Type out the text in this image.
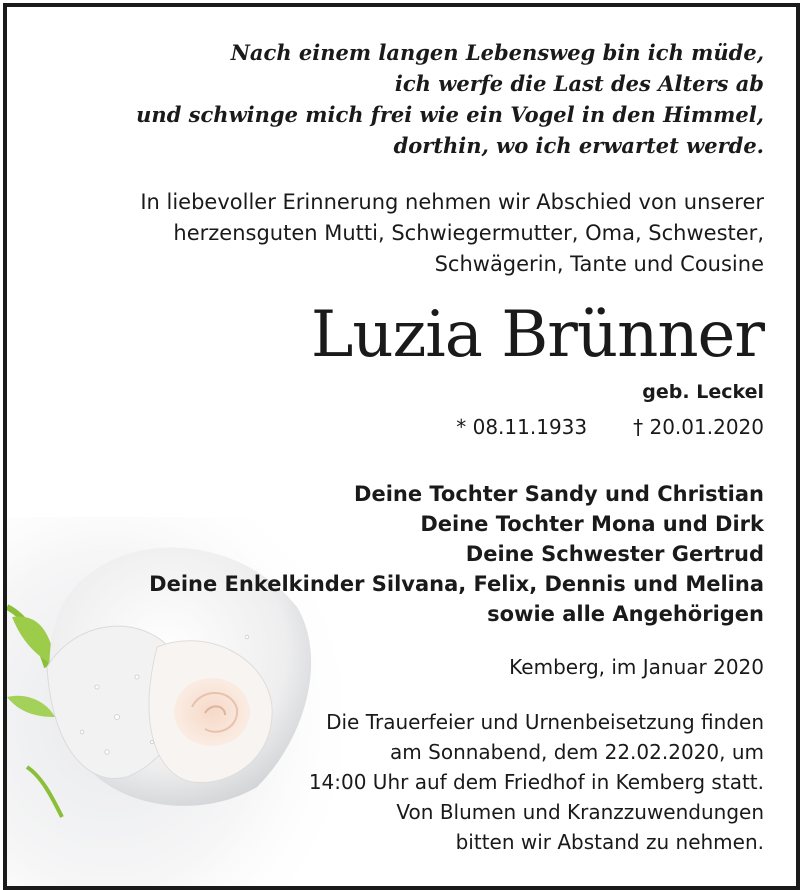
Nach einem langen Lebensweg bin ich müde,
ich werfe die Last des Alters ab
und schwinge mich frei wie ein Vogel in den Himmel,
dorthin, wo ich erwartet werde.
In liebevoller Erinnerung nehmen wir Abschied von unserer
herzensguten Mutti, Schwiegermutter, Oma, Schwester,
Schwägerin, Tante und Cousine
Luzia Brünner
geb. Leckel
* 08.11.1933 † 20.01.2020
Deine Tochter Sandy und Christian
Deine Tochter Mona und Dirk
Deine Schwester Gertrud
Deine Enkelkinder Silvana, Felix, Dennis und Melina
sowie alle Angehörigen
Kemberg, im Januar 2020
Die Trauerfeier und Urnenbeisetzung finden
am Sonnabend, dem 22.02.2020, um
14:00 Uhr auf dem Friedhof in Kemberg statt.
Von Blumen und Kranzzuwendungen
bitten wir Abstand zu nehmen.
